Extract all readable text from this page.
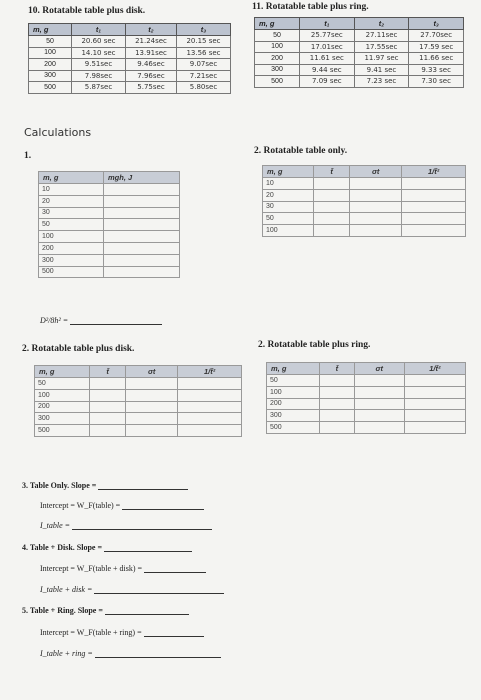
10. Rotatable table plus disk.
m, g	t₁	t₂	t₃
50	20.60 sec	21.24sec	20.15 sec
100	14.10 sec	13.91sec	13.56 sec
200	9.51sec	9.46sec	9.07sec
300	7.98sec	7.96sec	7.21sec
500	5.87sec	5.75sec	5.80sec
11. Rotatable table plus ring.
m, g	t₁	t₂	t₃
50	25.77sec	27.11sec	27.70sec
100	17.01sec	17.55sec	17.59 sec
200	11.61 sec	11.97 sec	11.66 sec
300	9.44 sec	9.41 sec	9.33 sec
500	7.09 sec	7.23 sec	7.30 sec
Calculations
1.
m, g	mgh, J
10	
20	
30	
50	
100	
200	
300	
500	
D²/8h² =
2. Rotatable table only.
m, g	t̄	σt	1/t̄²
10			
20			
30			
50			
100			
2. Rotatable table plus disk.
m, g	t̄	σt	1/t̄²
50			
100			
200			
300			
500			
2. Rotatable table plus ring.
m, g	t̄	σt	1/t̄²
50			
100			
200			
300			
500			
3. Table Only. Slope =
Intercept = W_F(table) =
I_table =
4. Table + Disk. Slope =
Intercept = W_F(table + disk) =
I_table + disk =
5. Table + Ring. Slope =
Intercept = W_F(table + ring) =
I_table + ring =
